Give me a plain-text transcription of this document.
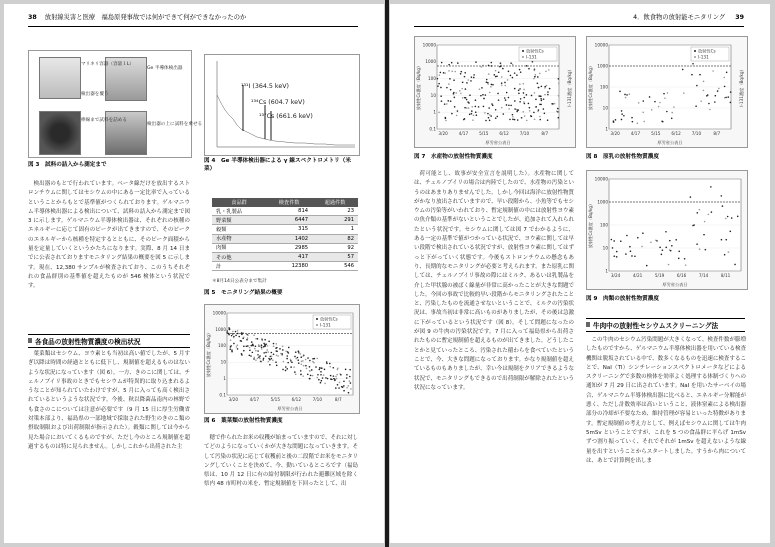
38 放射線災害と医療　福島原発事故では何ができて何ができなかったのか
マリネリ容器（容量１L）
Ge 半導体検出器
検出器を覆う
棒線まで試料を詰める
検出器の上に試料を乗せる
図 3　試料の詰入から測定まで
¹³¹I (364.5 keV)
¹³⁴Cs (604.7 keV)
¹³⁷Cs (661.6 keV)
図 4　Ge 半導体検出器による γ 線スペクトロメトリ（米菜）

検出器のもとで行われています。ベータ線だけを放出するストロンチウムに関してはセシウムの中にある一定比率で入っているということからもとで基準値がつくられております。ゲルマニウム半導体検出器による検出について、試料の詰入から測定まで図 3 に示します。ゲルマニウム半導体検出器は、それぞれの核種のエネルギーに応じて固有のピークが出てきますので、そのピークのエネルギーから核種を特定するとともに、そのピーク面積から量を定量していくというかたちになります。実際、8 月 14 日までに公表されておりますモニタリング結果の概要を図 5 に示します。現在、12,380 サンプルが検査されており、このうちそれぞれの食品群別の基準値を超えたものが 546 検体という状況です。

食品群	検査件数	超過件数
乳・乳製品	814	23
野菜類	6447	291
穀類	315	1
水産物	1402	82
肉類	2985	92
その他	417	57
計	12380	546
＊8月14日公表分まで集計
図 5　モニタリング結果の概要
各食品の放射性物質濃度の検出状況

葉菜類はセシウム、ヨウ素とも当初は高い値でしたが、5 月すぎ以降は時間の経過とともに低下し、規制値を超えるものはないような状況になっています（図 6）。一方、きのこに関しては、チェルノブイリ事故のときでもセシウムが特異的に取り込まれるようなことが知られていたわけですが、5 月に入っても高く検出されているというような状況です。今後、秋以降菌品南内の林野でも食さのこについては注意が必要です（9 月 15 日に厚生労働省対策本部より、福島県の一部地域で採取された野生のきのこ類の摂取制限および出荷制限が指示された）。穀類に関しては今から見た場合においてくるものですが、ただし今のところ規制値を超過するものは特に見られません。しかしこれから出荷された主

10000
1000
100
10
1
0.1
3/20	4/17	5/15	6/12	7/10	8/7
厚労省公表日
放射性Cs濃度（Bq/kg）
放射性Cs
I-131
図 6　葉菜類の放射性物質濃度

穂で作られたお米の収穫が始まっていますので、それに対してどのようになっていくかが大きな問題になっていきます。そして汚染の状況に応じて収穫前と後の二段階でお米をモニタリングしていくことを決めて、今、動いているところです（福島県は、10 月 12 日に有の給付制限が行われた避難区域を除く県内 48 市町村の米を、暫定規制値を下回ったとして、出

4．飲食物の放射能モニタリング 39
10000
1000
100
10
1
0.1
3/20	4/17	5/15	6/12	7/10	8/7
厚労省公表日
放射性Cs濃度（Bq/kg）	I-131濃度（Bq/kg）
放射性Cs
I-131
図 7　水産物の放射性物質濃度
10000
1000
100
10
1
3/20	4/17	5/15	6/12	7/10	8/7
厚労省公表日
放射性Cs濃度（Bq/kg）	I-131濃度（Bq/kg）
放射性Cs
I-131
図 8　原乳の放射性物質濃度

荷可能とし、故事が安全宣言を説明した）。水産物に関しては、チェルノブイリの場合は内陸でしたので、水産物の汚染というのはあまりありませんでした。しかし今回は海洋に放射性物質がかなり放出されていますので、早い段階から、小魚等でもセシウムの汚染等がいわれており、暫定規制値の中には放射性ヨウ素の魚介類の基準がないということでしたが、追加されて入れられたという状況です。セシウムに関しては図 7 でわかるように、ある一定の基準で値がつかっている状況で、ヨウ素に関しては早い段階で検出されている状況ですが、放射性ヨウ素に関してはずっと下がっていく状態です。今後もストロンチウムの懸念もあり、長期的なモニタリングが必要と考えられます。また原乳に関しては、チェルノブイリ事故の際にはミルク、あるいは乳製品を介した甲状腺の被ばく線量が非常に高かったことが大きな問題でした。今回の事故で比較的早い段階からモニタリングされたことと、汚染したものを流通させないということで、ミルクの汚染状況は、事故当初は非常に高いものがありましたが、その後は急激に下がっているという状況です（図 8）。そして問題になったのが図 9 の牛肉の汚染状況です。7 月に入って福島県から出荷されたものに暫定規制値を超えるものが出てきました。どうしたことかと見ていったところ、汚染された稲わらを食べていたということで、今、大きな問題になっております。かなり規制値を超えているものもありましたが、幸い今は規制をクリアできるような状況で、モニタリングもできるので出荷制限が解除されたという状況になっています。

10000
1000
100
10
1
3/24	4/21	5/19	6/16	7/14	8/11
厚労省公表日
放射性Cs濃度（Bq/kg）
図 9　肉類の放射性物質濃度
牛肉中の放射性セシウムスクリーニング法

この牛肉のセシウム汚染問題が大きくなって、検査件数が膨増したものですから、ゲルマニウム半導体検出器を用いている検査機関は脱坂されている中で、数多くなるものを迅速に検査することで、NaI（Tl）シンチレーションスペクトロメータなどによるスクリーニングで多数の検体を効率よく処理する体制づくりへの通知が 7 月 29 日に出されています。NaI を用いたサーベイの場合、ゲルマニウム半導体検出器に比べると、エネルギー分解能が悪く、ただし計数効率は高いということ、液体窒素による検出器部分の冷却が不要なため、維持管理が容易といった特徴があります。暫定規制値の考え方として、例えばセシウムに関しては牛肉 5mSv ということですが、これを 5 つの食品群に平らげ 1mSv ずつ割り振っていく、それでそれが 1mSv を超えないような線量を出すということからスタートしました。すうから肉については、あとで計算例を出しま
